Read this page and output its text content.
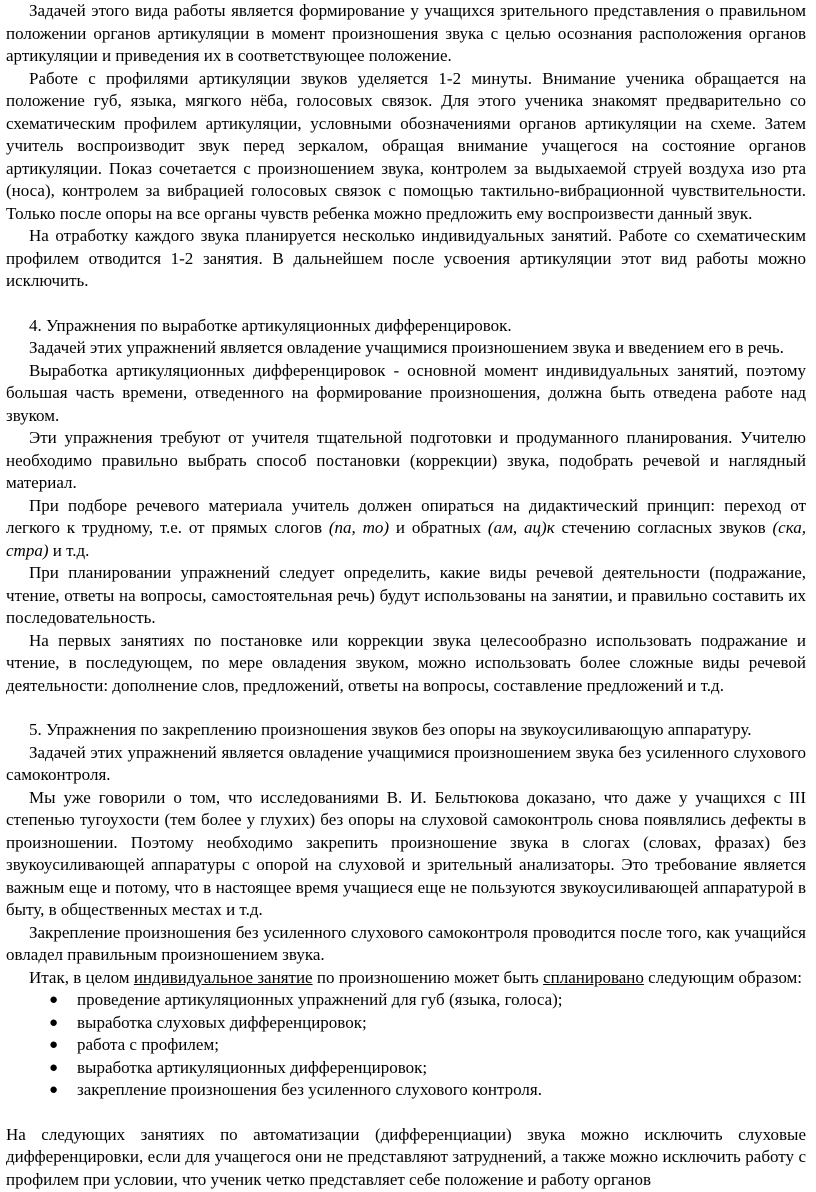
Задачей этого вида работы является формирование у учащихся зрительного представления о правильном положении органов артикуляции в момент произношения звука с целью осознания расположения органов артикуляции и приведения их в соответствующее положение.

Работе с профилями артикуляции звуков уделяется 1-2 минуты. Внимание ученика обращается на положение губ, языка, мягкого нёба, голосовых связок. Для этого ученика знакомят предварительно со схематическим профилем артикуляции, условными обозначениями органов артикуляции на схеме. Затем учитель воспроизводит звук перед зеркалом, обращая внимание учащегося на состояние органов артикуляции. Показ сочетается с произношением звука, контролем за выдыхаемой струей воздуха изо рта (носа), контролем за вибрацией голосовых связок с помощью тактильно-вибрационной чувствительности. Только после опоры на все органы чувств ребенка можно предложить ему воспроизвести данный звук.

На отработку каждого звука планируется несколько индивидуальных занятий. Работе со схематическим профилем отводится 1-2 занятия. В дальнейшем после усвоения артикуляции этот вид работы можно исключить.

4. Упражнения по выработке артикуляционных дифференцировок.

Задачей этих упражнений является овладение учащимися произношением звука и введением его в речь.

Выработка артикуляционных дифференцировок - основной момент индивидуальных занятий, поэтому большая часть времени, отведенного на формирование произношения, должна быть отведена работе над звуком.

Эти упражнения требуют от учителя тщательной подготовки и продуманного планирования. Учителю необходимо правильно выбрать способ постановки (коррекции) звука, подобрать речевой и наглядный материал.

При подборе речевого материала учитель должен опираться на дидактический принцип: переход от легкого к трудному, т.е. от прямых слогов (па, то) и обратных (ам, ац)к стечению согласных звуков (ска, стра) и т.д.

При планировании упражнений следует определить, какие виды речевой деятельности (подражание, чтение, ответы на вопросы, самостоятельная речь) будут использованы на занятии, и правильно составить их последовательность.

На первых занятиях по постановке или коррекции звука целесообразно использовать подражание и чтение, в последующем, по мере овладения звуком, можно использовать более сложные виды речевой деятельности: дополнение слов, предложений, ответы на вопросы, составление предложений и т.д.

5. Упражнения по закреплению произношения звуков без опоры на звукоусиливающую аппаратуру.

Задачей этих упражнений является овладение учащимися произношением звука без усиленного слухового самоконтроля.

Мы уже говорили о том, что исследованиями В. И. Бельтюкова доказано, что даже у учащихся с III степенью тугоухости (тем более у глухих) без опоры на слуховой самоконтроль снова появлялись дефекты в произношении. Поэтому необходимо закрепить произношение звука в слогах (словах, фразах) без звукоусиливающей аппаратуры с опорой на слуховой и зрительный анализаторы. Это требование является важным еще и потому, что в настоящее время учащиеся еще не пользуются звукоусиливающей аппаратурой в быту, в общественных местах и т.д.

Закрепление произношения без усиленного слухового самоконтроля проводится после того, как учащийся овладел правильным произношением звука.

Итак, в целом индивидуальное занятие по произношению может быть спланировано следующим образом:

● проведение артикуляционных упражнений для губ (языка, голоса);
● выработка слуховых дифференцировок;
● работа с профилем;
● выработка артикуляционных дифференцировок;
● закрепление произношения без усиленного слухового контроля.

На следующих занятиях по автоматизации (дифференциации) звука можно исключить слуховые дифференцировки, если для учащегося они не представляют затруднений, а также можно исключить работу с профилем при условии, что ученик четко представляет себе положение и работу органов
